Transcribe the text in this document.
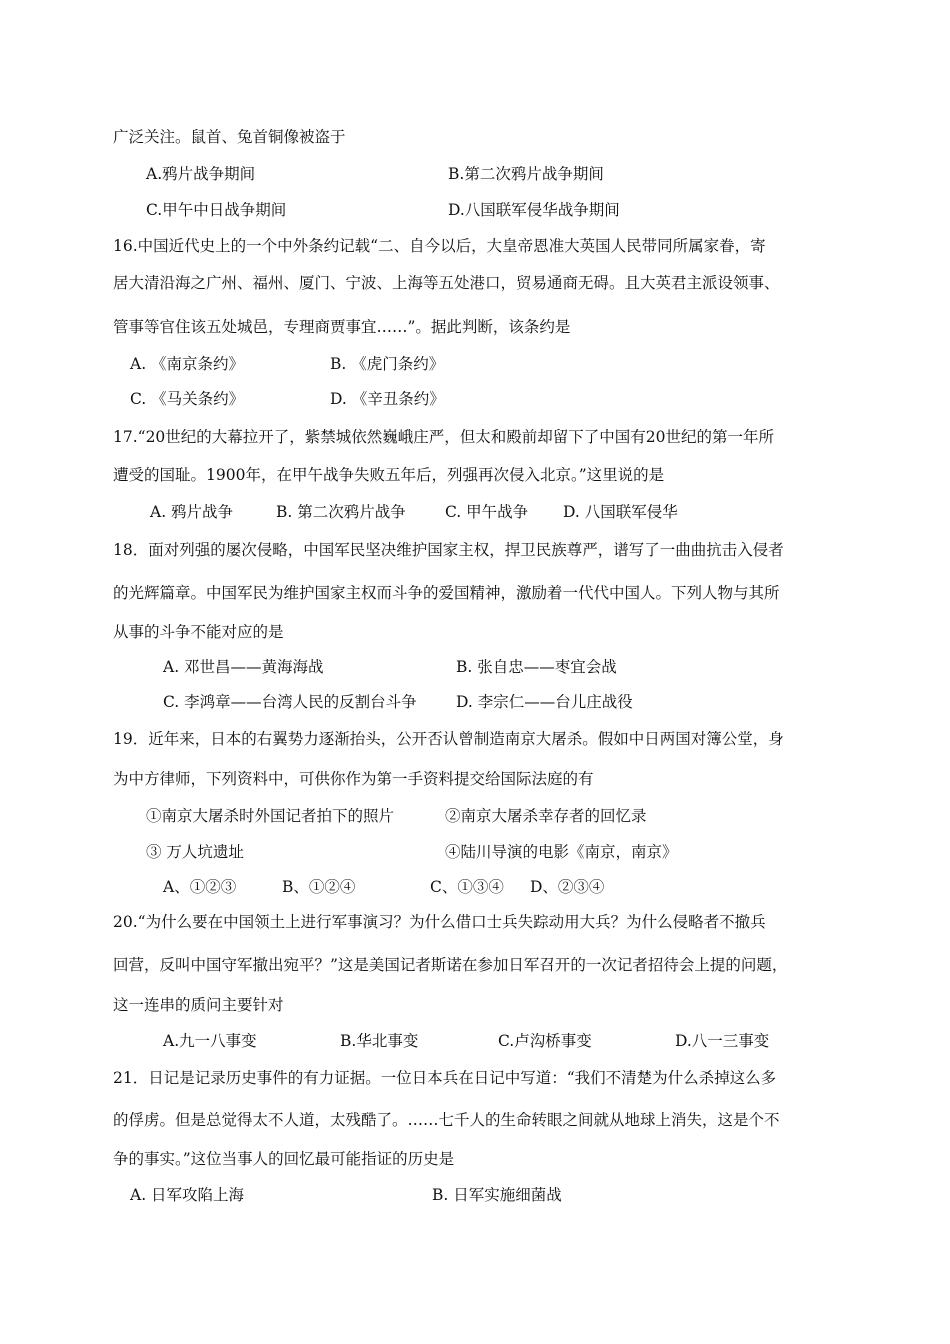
广泛关注。鼠首、兔首铜像被盗于
A.鸦片战争期间	B.第二次鸦片战争期间
C.甲午中日战争期间	D.八国联军侵华战争期间
16.中国近代史上的一个中外条约记载“二、自今以后，大皇帝恩准大英国人民带同所属家眷，寄
居大清沿海之广州、福州、厦门、宁波、上海等五处港口，贸易通商无碍。且大英君主派设领事、
管事等官住该五处城邑，专理商贾事宜……”。据此判断，该条约是
A. 《南京条约》	B. 《虎门条约》
C. 《马关条约》	D. 《辛丑条约》
17.“20世纪的大幕拉开了，紫禁城依然巍峨庄严，但太和殿前却留下了中国有20世纪的第一年所
遭受的国耻。1900年，在甲午战争失败五年后，列强再次侵入北京。”这里说的是
A. 鸦片战争	B. 第二次鸦片战争	C. 甲午战争 D. 八国联军侵华
18．面对列强的屡次侵略，中国军民坚决维护国家主权，捍卫民族尊严，谱写了一曲曲抗击入侵者
的光辉篇章。中国军民为维护国家主权而斗争的爱国精神，激励着一代代中国人。下列人物与其所
从事的斗争不能对应的是
A. 邓世昌——黄海海战	B. 张自忠——枣宜会战
C. 李鸿章——台湾人民的反割台斗争	D. 李宗仁——台儿庄战役
19．近年来，日本的右翼势力逐渐抬头，公开否认曾制造南京大屠杀。假如中日两国对簿公堂，身
为中方律师，下列资料中，可供你作为第一手资料提交给国际法庭的有
①南京大屠杀时外国记者拍下的照片	②南京大屠杀幸存者的回忆录
③ 万人坑遗址	④陆川导演的电影《南京，南京》
A、①②③	B、①②④	C、①③④ D、②③④
20.“为什么要在中国领土上进行军事演习？为什么借口士兵失踪动用大兵？为什么侵略者不撤兵
回营，反叫中国守军撤出宛平？”这是美国记者斯诺在参加日军召开的一次记者招待会上提的问题，
这一连串的质问主要针对
A.九一八事变	B.华北事变	C.卢沟桥事变	D.八一三事变
21．日记是记录历史事件的有力证据。一位日本兵在日记中写道：“我们不清楚为什么杀掉这么多
的俘虏。但是总觉得太不人道，太残酷了。……七千人的生命转眼之间就从地球上消失，这是个不
争的事实。”这位当事人的回忆最可能指证的历史是
A. 日军攻陷上海	B. 日军实施细菌战
